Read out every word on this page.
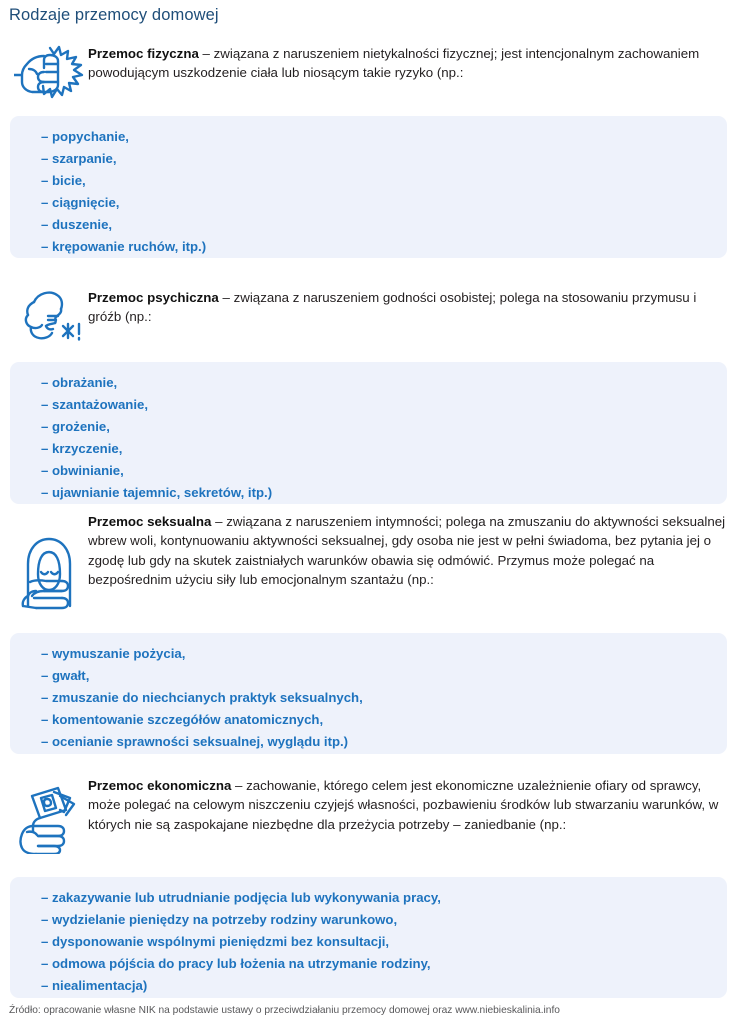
Rodzaje przemocy domowej
Przemoc fizyczna – związana z naruszeniem nietykalności fizycznej; jest intencjonalnym zachowaniem powodującym uszkodzenie ciała lub niosącym takie ryzyko (np.:
– popychanie,
– szarpanie,
– bicie,
– ciągnięcie,
– duszenie,
– krępowanie ruchów, itp.)
Przemoc psychiczna – związana z naruszeniem godności osobistej; polega na stosowaniu przymusu i gróźb (np.:
– obrażanie,
– szantażowanie,
– grożenie,
– krzyczenie,
– obwinianie,
– ujawnianie tajemnic, sekretów, itp.)
Przemoc seksualna – związana z naruszeniem intymności; polega na zmuszaniu do aktywności seksualnej wbrew woli, kontynuowaniu aktywności seksualnej, gdy osoba nie jest w pełni świadoma, bez pytania jej o zgodę lub gdy na skutek zaistniałych warunków obawia się odmówić. Przymus może polegać na bezpośrednim użyciu siły lub emocjonalnym szantażu (np.:
– wymuszanie pożycia,
– gwałt,
– zmuszanie do niechcianych praktyk seksualnych,
– komentowanie szczegółów anatomicznych,
– ocenianie sprawności seksualnej, wyglądu itp.)
Przemoc ekonomiczna – zachowanie, którego celem jest ekonomiczne uzależnienie ofiary od sprawcy, może polegać na celowym niszczeniu czyjejś własności, pozbawieniu środków lub stwarzaniu warunków, w których nie są zaspokajane niezbędne dla przeżycia potrzeby – zaniedbanie (np.:
– zakazywanie lub utrudnianie podjęcia lub wykonywania pracy,
– wydzielanie pieniędzy na potrzeby rodziny warunkowo,
– dysponowanie wspólnymi pieniędzmi bez konsultacji,
– odmowa pójścia do pracy lub łożenia na utrzymanie rodziny,
– niealimentacja)
Źródło: opracowanie własne NIK na podstawie ustawy o przeciwdziałaniu przemocy domowej oraz www.niebieskalinia.info
